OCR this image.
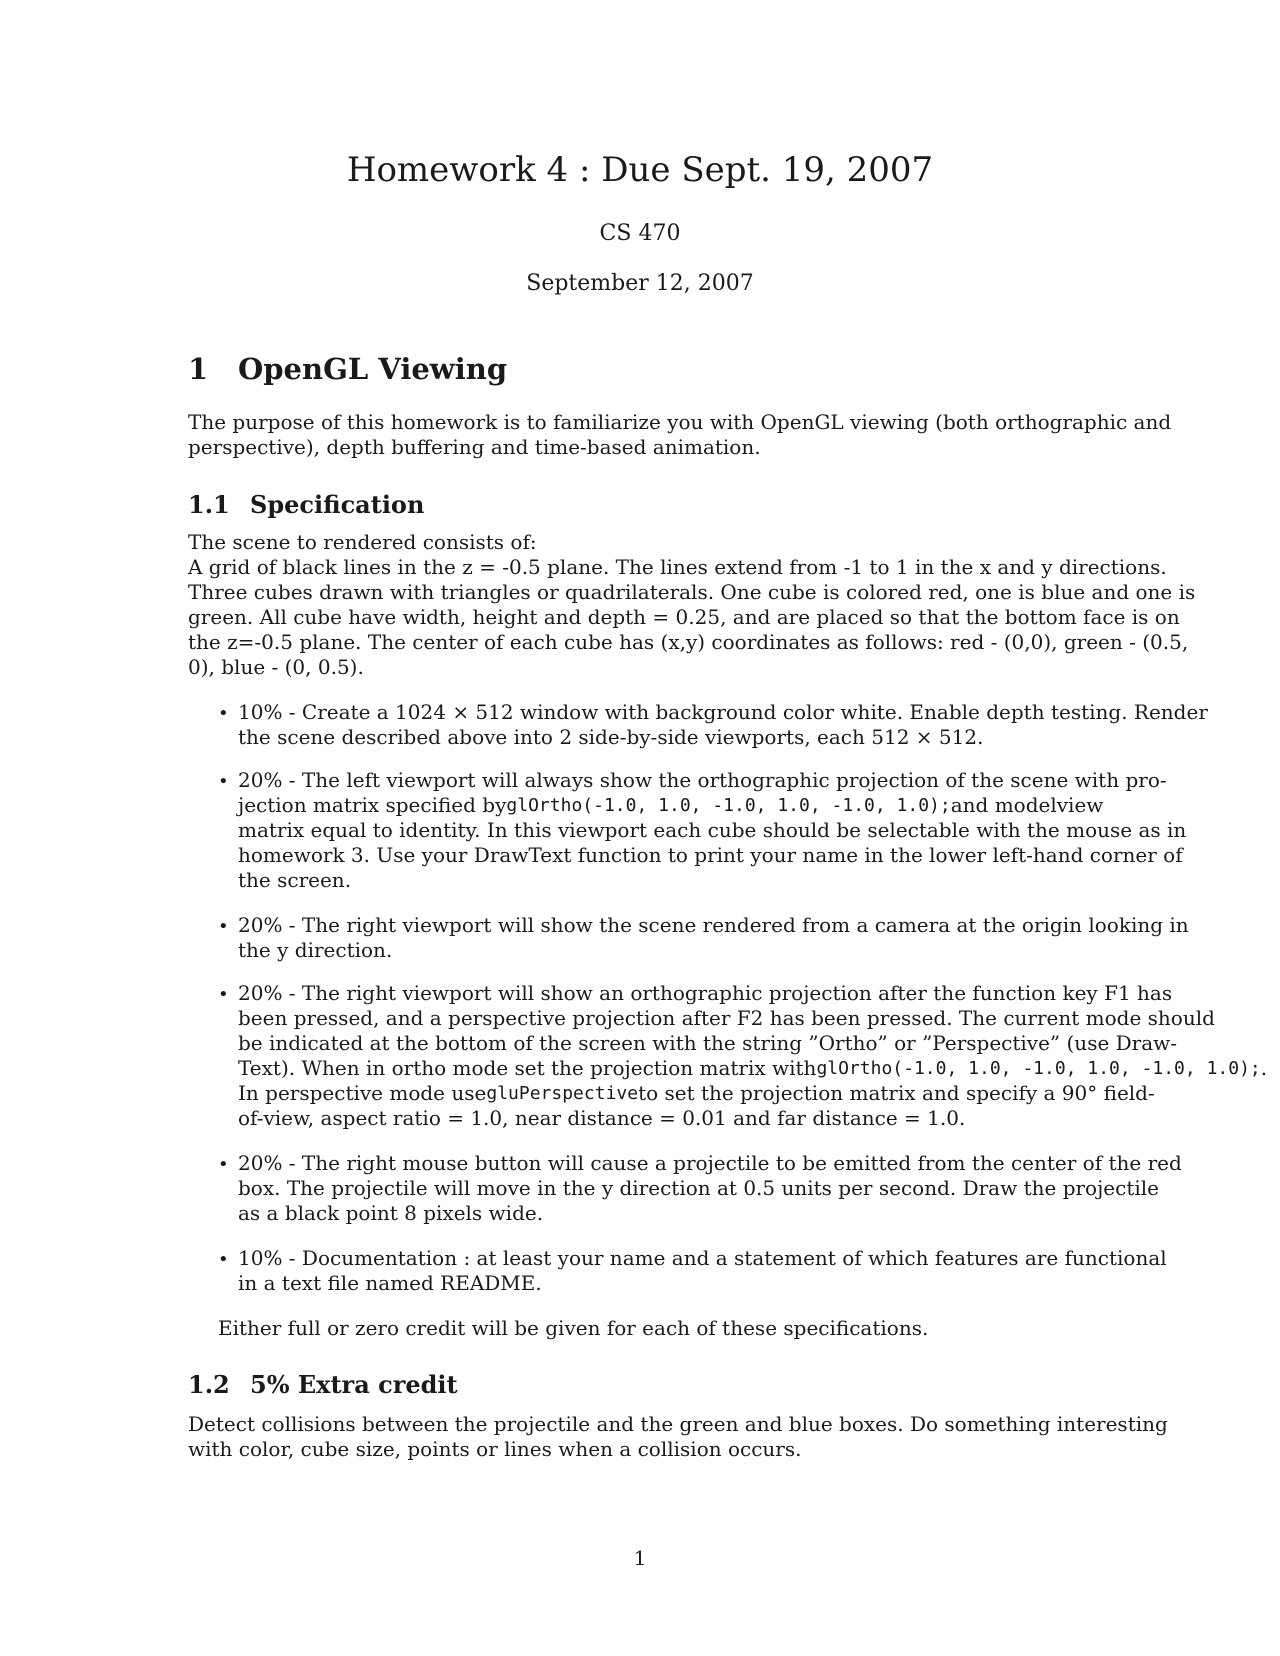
Homework 4 : Due Sept. 19, 2007
CS 470
September 12, 2007
1 OpenGL Viewing
The purpose of this homework is to familiarize you with OpenGL viewing (both orthographic and
perspective), depth buffering and time-based animation.
1.1 Specification
The scene to rendered consists of:
A grid of black lines in the z = -0.5 plane. The lines extend from -1 to 1 in the x and y directions.
Three cubes drawn with triangles or quadrilaterals. One cube is colored red, one is blue and one is
green. All cube have width, height and depth = 0.25, and are placed so that the bottom face is on
the z=-0.5 plane. The center of each cube has (x,y) coordinates as follows: red - (0,0), green - (0.5,
0), blue - (0, 0.5).
• 10% - Create a 1024 × 512 window with background color white. Enable depth testing. Render
the scene described above into 2 side-by-side viewports, each 512 × 512.
• 20% - The left viewport will always show the orthographic projection of the scene with pro-
jection matrix specified by glOrtho(-1.0, 1.0, -1.0, 1.0, -1.0, 1.0); and modelview
matrix equal to identity. In this viewport each cube should be selectable with the mouse as in
homework 3. Use your DrawText function to print your name in the lower left-hand corner of
the screen.
• 20% - The right viewport will show the scene rendered from a camera at the origin looking in
the y direction.
• 20% - The right viewport will show an orthographic projection after the function key F1 has
been pressed, and a perspective projection after F2 has been pressed. The current mode should
be indicated at the bottom of the screen with the string ”Ortho” or ”Perspective” (use Draw-
Text). When in ortho mode set the projection matrix with glOrtho(-1.0, 1.0, -1.0, 1.0, -1.0, 1.0); .
In perspective mode use gluPerspective to set the projection matrix and specify a 90° field-
of-view, aspect ratio = 1.0, near distance = 0.01 and far distance = 1.0.
• 20% - The right mouse button will cause a projectile to be emitted from the center of the red
box. The projectile will move in the y direction at 0.5 units per second. Draw the projectile
as a black point 8 pixels wide.
• 10% - Documentation : at least your name and a statement of which features are functional
in a text file named README.
Either full or zero credit will be given for each of these specifications.
1.2 5% Extra credit
Detect collisions between the projectile and the green and blue boxes. Do something interesting
with color, cube size, points or lines when a collision occurs.
1
